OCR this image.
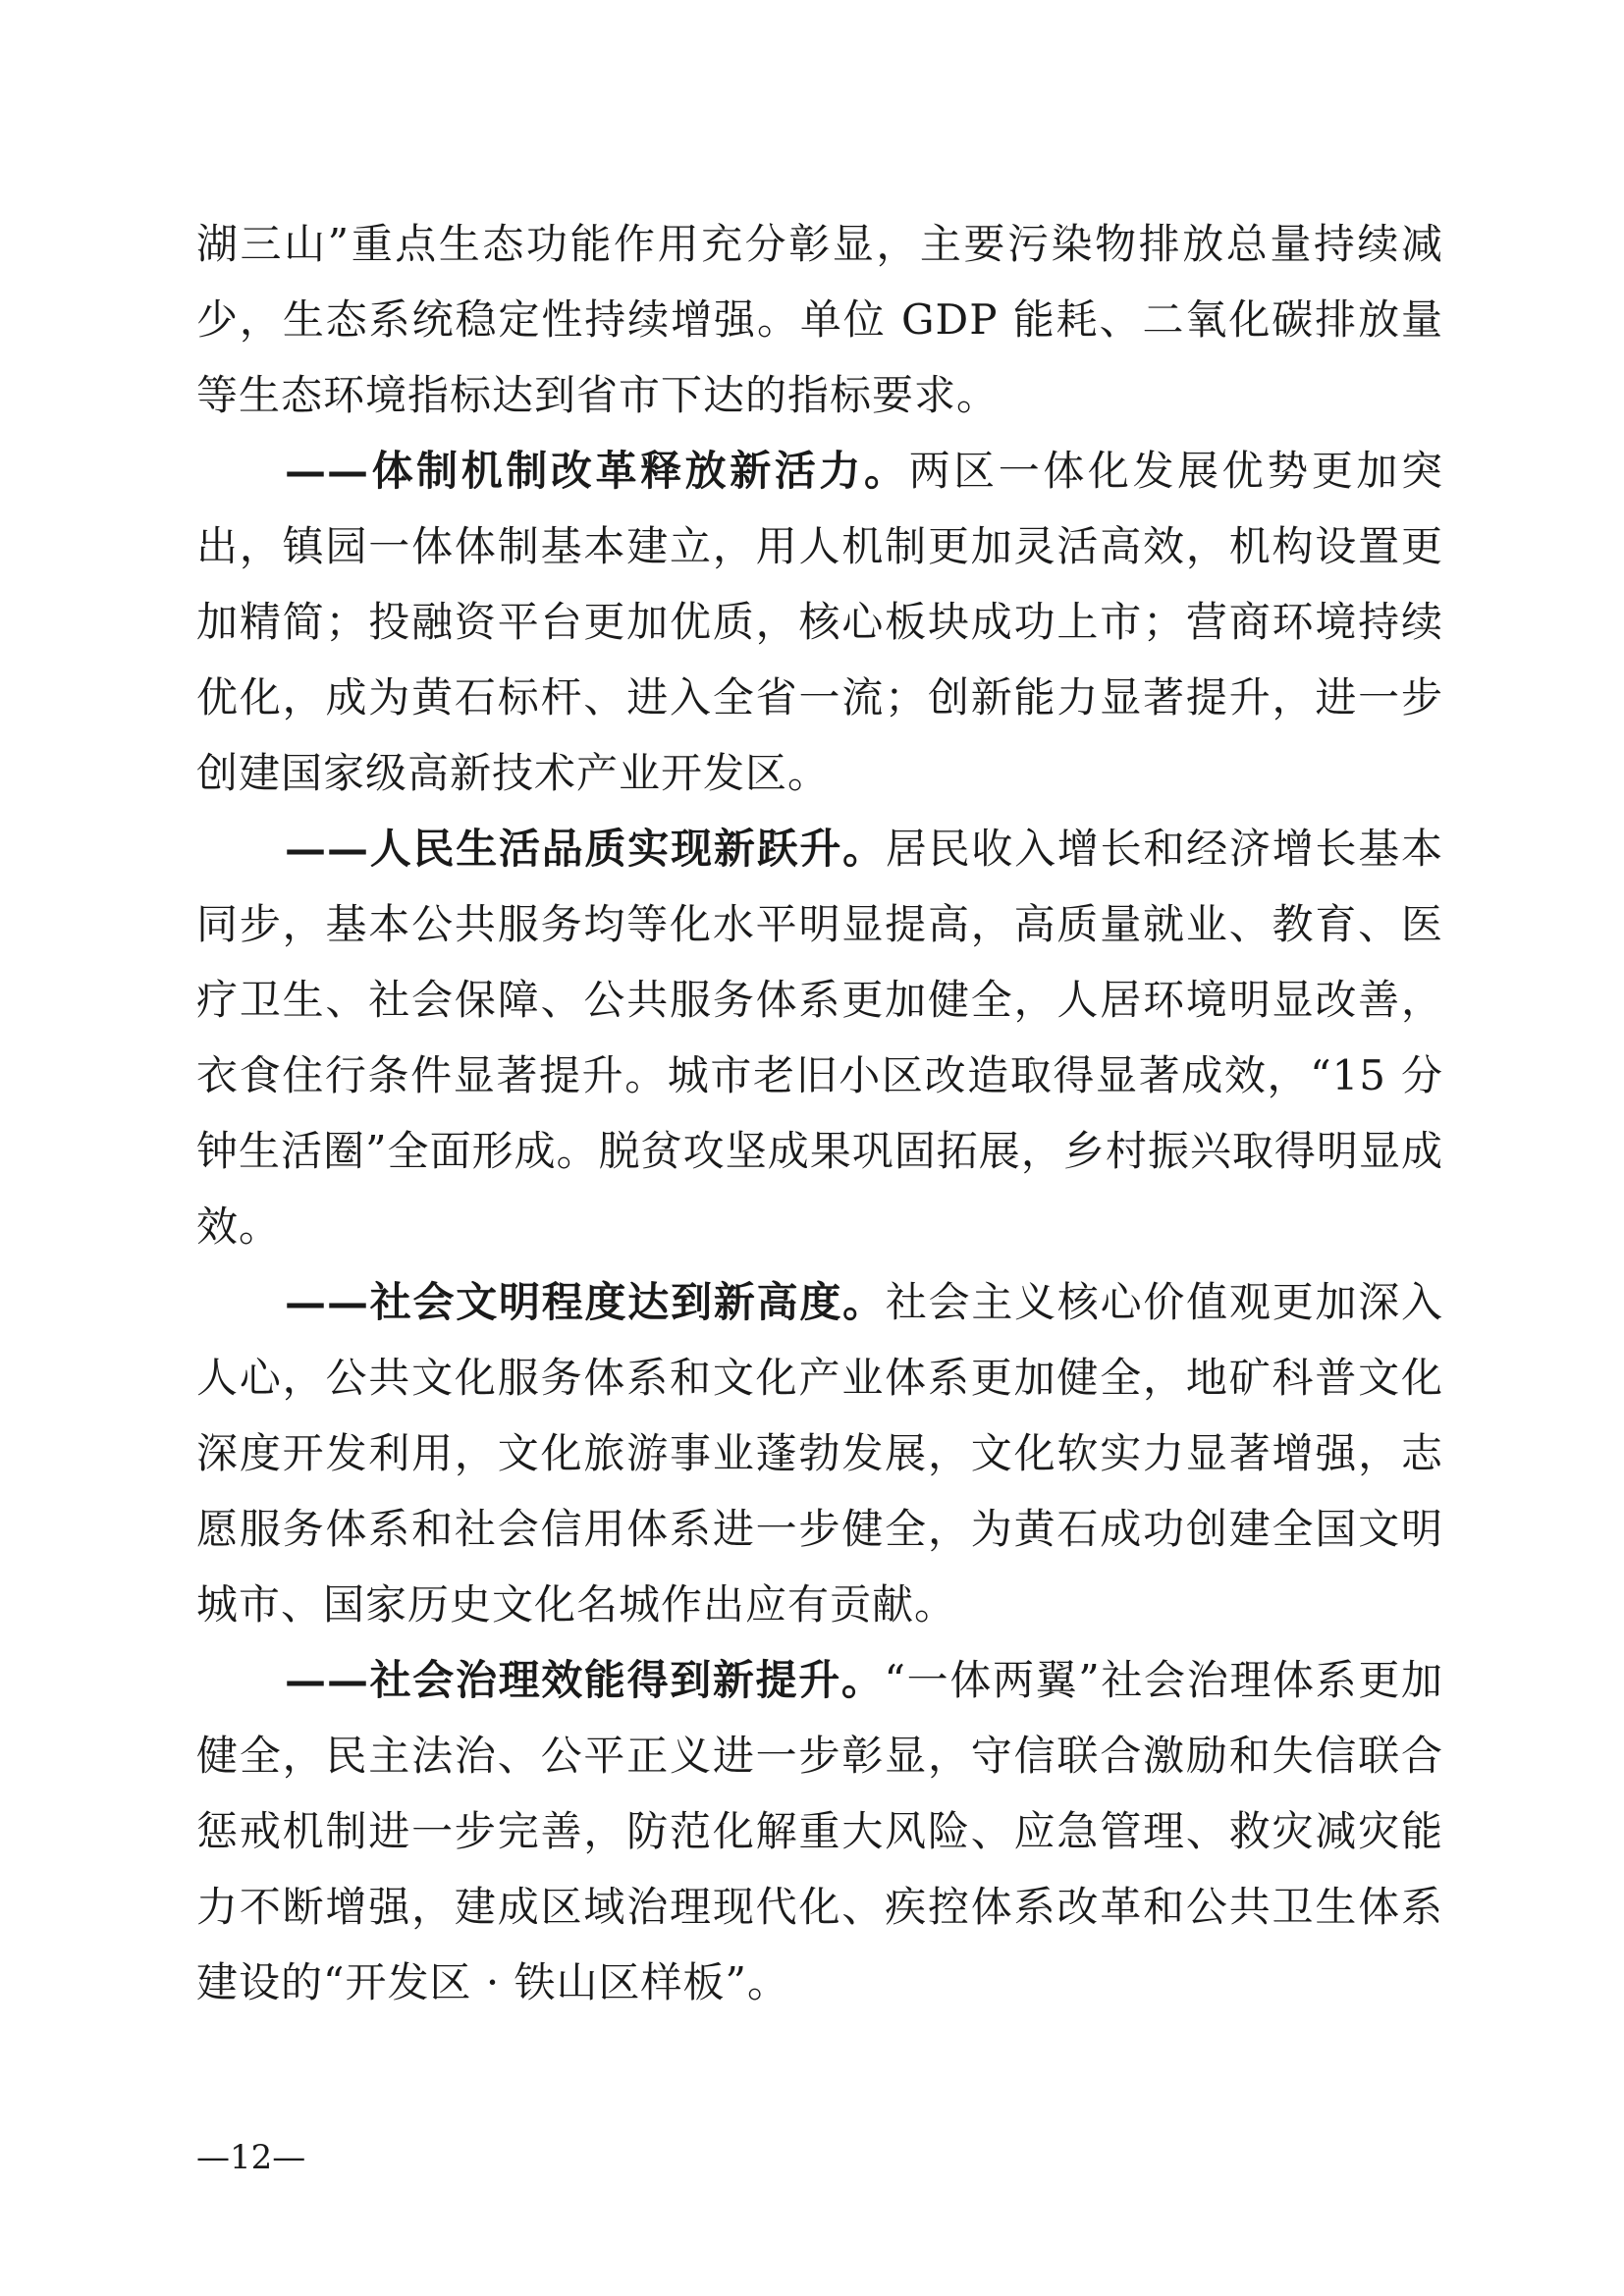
湖三山”重点生态功能作用充分彰显，主要污染物排放总量持续减少，生态系统稳定性持续增强。单位 GDP 能耗、二氧化碳排放量等生态环境指标达到省市下达的指标要求。

——体制机制改革释放新活力。两区一体化发展优势更加突出，镇园一体体制基本建立，用人机制更加灵活高效，机构设置更加精简；投融资平台更加优质，核心板块成功上市；营商环境持续优化，成为黄石标杆、进入全省一流；创新能力显著提升，进一步创建国家级高新技术产业开发区。

——人民生活品质实现新跃升。居民收入增长和经济增长基本同步，基本公共服务均等化水平明显提高，高质量就业、教育、医疗卫生、社会保障、公共服务体系更加健全，人居环境明显改善，衣食住行条件显著提升。城市老旧小区改造取得显著成效，“15 分钟生活圈”全面形成。脱贫攻坚成果巩固拓展，乡村振兴取得明显成效。

——社会文明程度达到新高度。社会主义核心价值观更加深入人心，公共文化服务体系和文化产业体系更加健全，地矿科普文化深度开发利用，文化旅游事业蓬勃发展，文化软实力显著增强，志愿服务体系和社会信用体系进一步健全，为黄石成功创建全国文明城市、国家历史文化名城作出应有贡献。

——社会治理效能得到新提升。“一体两翼”社会治理体系更加健全，民主法治、公平正义进一步彰显，守信联合激励和失信联合惩戒机制进一步完善，防范化解重大风险、应急管理、救灾减灾能力不断增强，建成区域治理现代化、疾控体系改革和公共卫生体系建设的“开发区 · 铁山区样板”。

—12—
